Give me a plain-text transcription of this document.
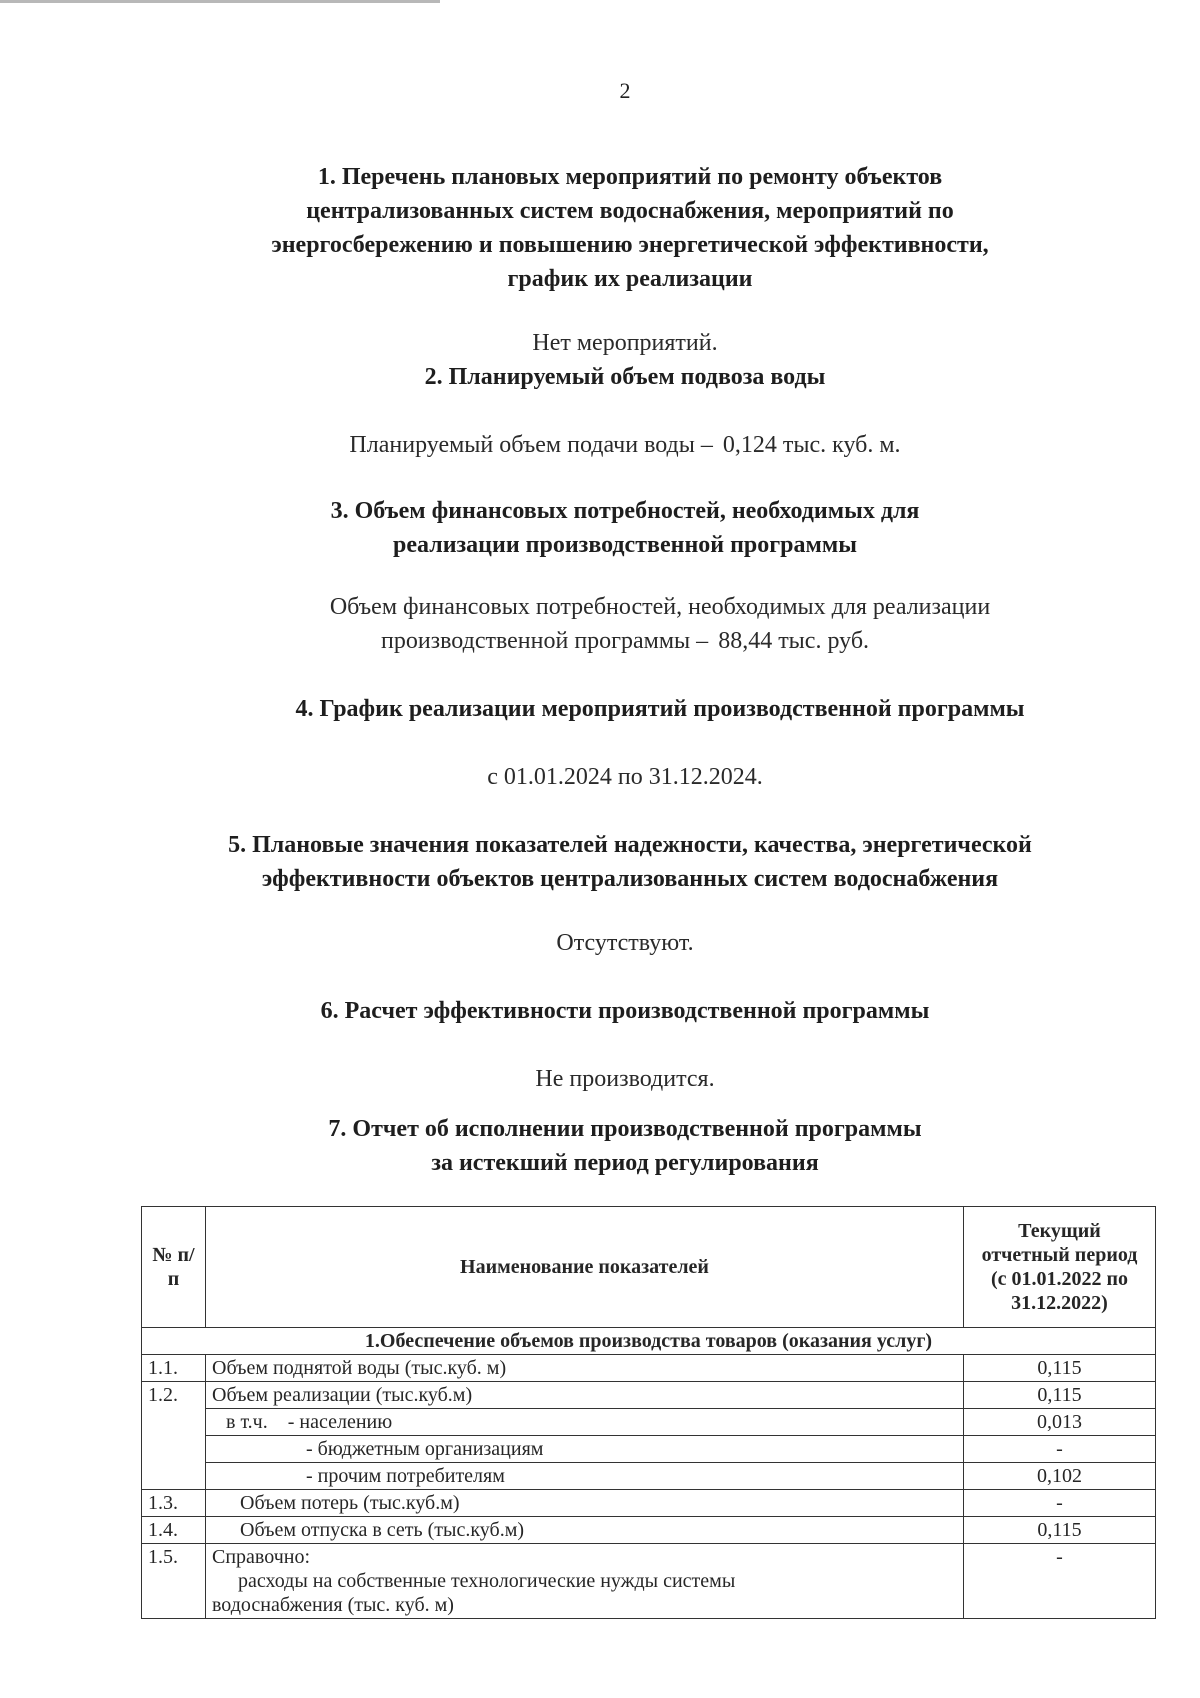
2
1. Перечень плановых мероприятий по ремонту объектов
централизованных систем водоснабжения, мероприятий по
энергосбережению и повышению энергетической эффективности,
график их реализации
Нет мероприятий.
2. Планируемый объем подвоза воды
Планируемый объем подачи воды – 0,124 тыс. куб. м.
3. Объем финансовых потребностей, необходимых для
реализации производственной программы
Объем финансовых потребностей, необходимых для реализации
производственной программы – 88,44 тыс. руб.
4. График реализации мероприятий производственной программы
с 01.01.2024 по 31.12.2024.
5. Плановые значения показателей надежности, качества, энергетической
эффективности объектов централизованных систем водоснабжения
Отсутствуют.
6. Расчет эффективности производственной программы
Не производится.
7. Отчет об исполнении производственной программы
за истекший период регулирования
№ п/п	Наименование показателей	Текущий
отчетный период
(с 01.01.2022 по
31.12.2022)

1.Обеспечение объемов производства товаров (оказания услуг)		
1.1.	Объем поднятой воды (тыс.куб. м)	0,115
1.2.	Объем реализации (тыс.куб.м)	0,115
	в т.ч. - населению	0,013
	- бюджетным организациям	-
	- прочим потребителям	0,102
1.3.	Объем потерь (тыс.куб.м)	-
1.4.	Объем отпуска в сеть (тыс.куб.м)	0,115
1.5.	Справочно:
расходы на собственные технологические нужды системы
водоснабжения (тыс. куб. м)	-
